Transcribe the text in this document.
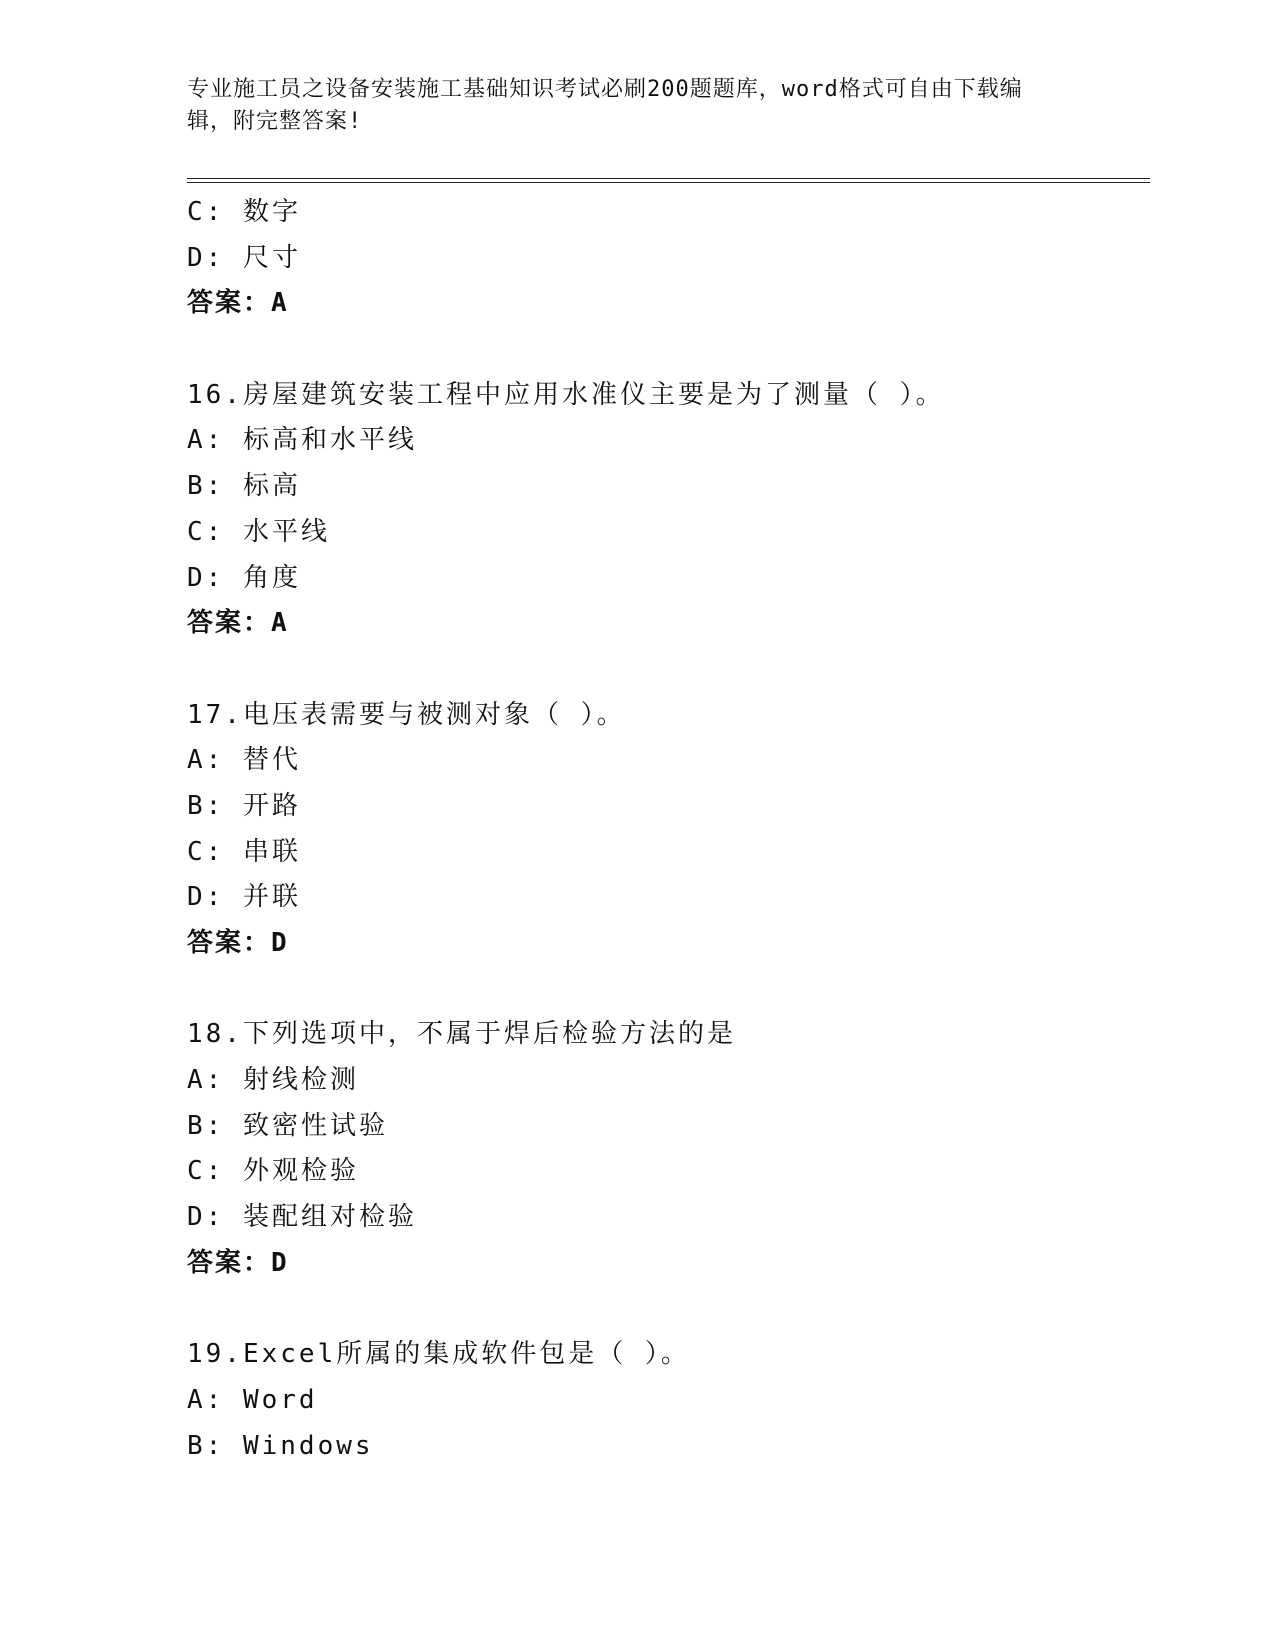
专业施工员之设备安装施工基础知识考试必刷200题题库，word格式可自由下载编辑，附完整答案!
C: 数字
D: 尺寸
答案：A
16.房屋建筑安装工程中应用水准仪主要是为了测量（ ）。
A: 标高和水平线
B: 标高
C: 水平线
D: 角度
答案：A
17.电压表需要与被测对象（ ）。
A: 替代
B: 开路
C: 串联
D: 并联
答案：D
18.下列选项中，不属于焊后检验方法的是
A: 射线检测
B: 致密性试验
C: 外观检验
D: 装配组对检验
答案：D
19.Excel所属的集成软件包是（ ）。
A: Word
B: Windows
